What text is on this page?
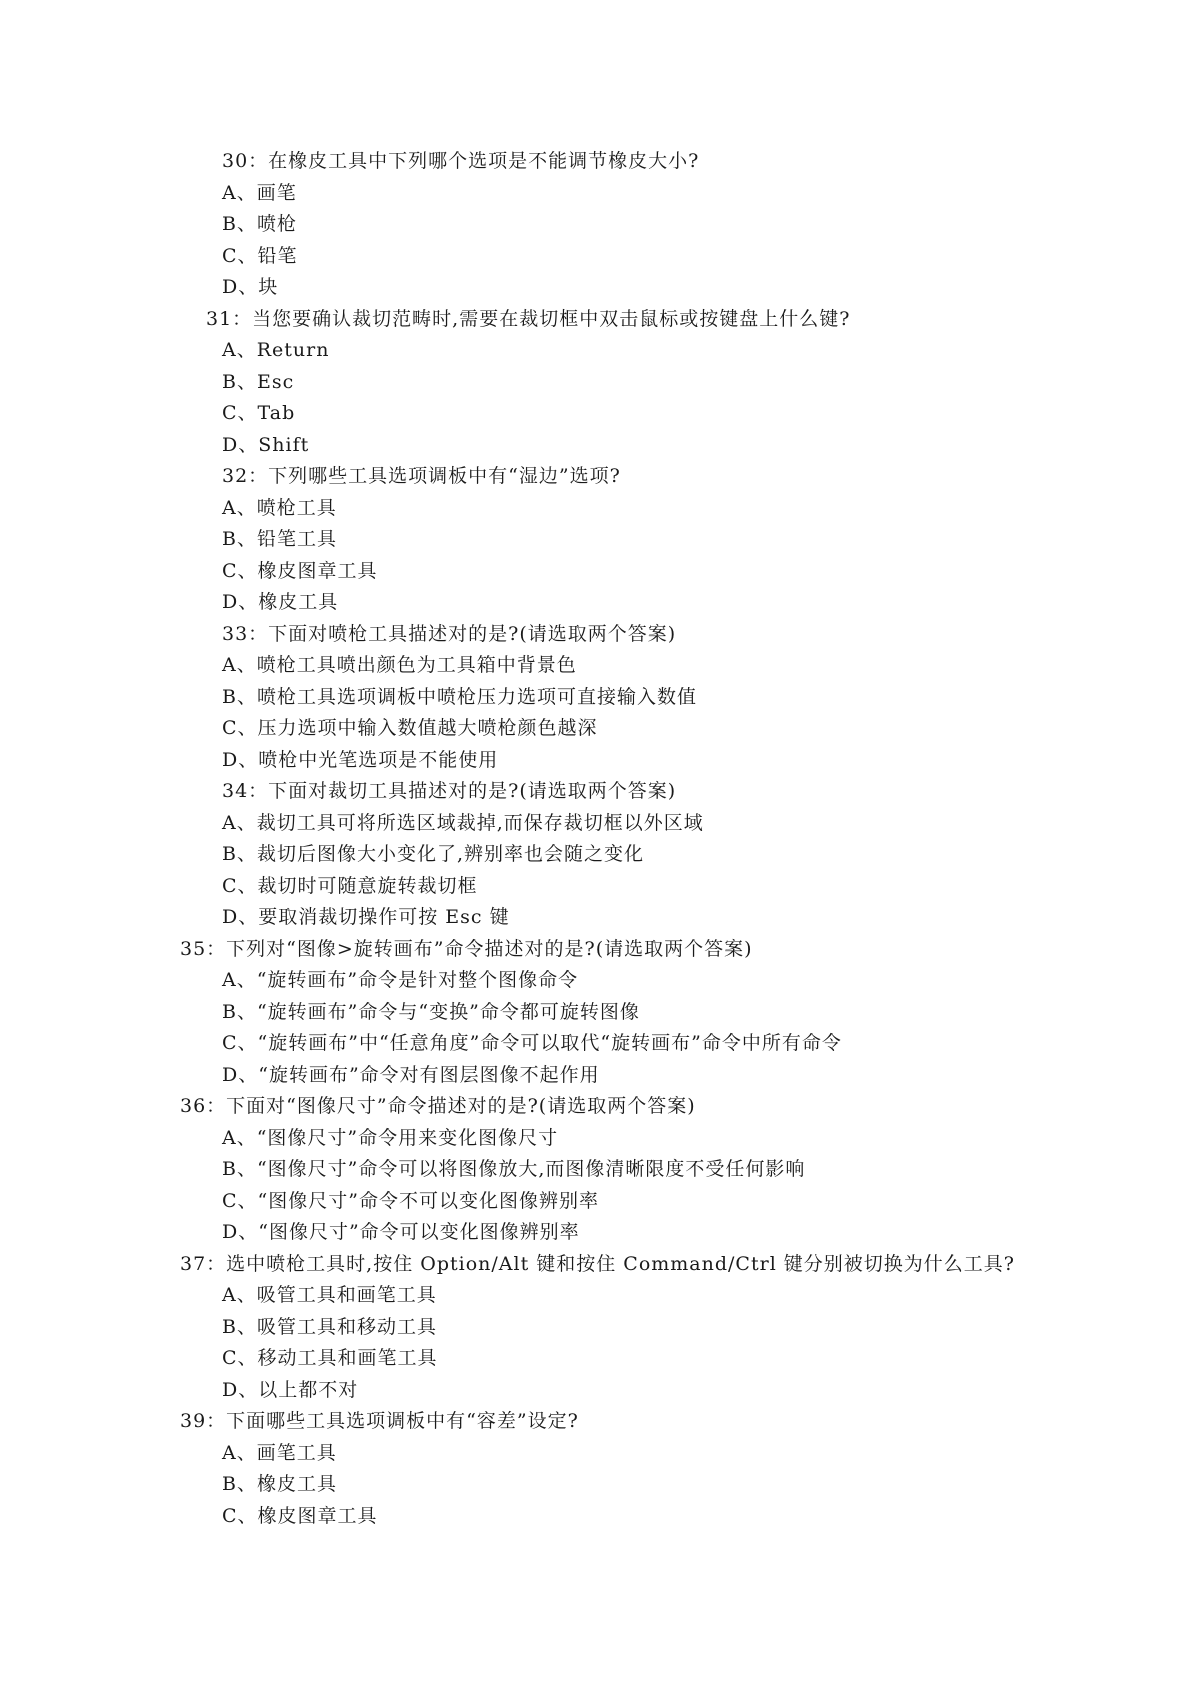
30：在橡皮工具中下列哪个选项是不能调节橡皮大小?
A、画笔
B、喷枪
C、铅笔
D、块
31：当您要确认裁切范畴时,需要在裁切框中双击鼠标或按键盘上什么键?
A、Return
B、Esc
C、Tab
D、Shift
32：下列哪些工具选项调板中有“湿边”选项?
A、喷枪工具
B、铅笔工具
C、橡皮图章工具
D、橡皮工具
33：下面对喷枪工具描述对的是?(请选取两个答案)
A、喷枪工具喷出颜色为工具箱中背景色
B、喷枪工具选项调板中喷枪压力选项可直接输入数值
C、压力选项中输入数值越大喷枪颜色越深
D、喷枪中光笔选项是不能使用
34：下面对裁切工具描述对的是?(请选取两个答案)
A、裁切工具可将所选区域裁掉,而保存裁切框以外区域
B、裁切后图像大小变化了,辨别率也会随之变化
C、裁切时可随意旋转裁切框
D、要取消裁切操作可按 Esc 键
35：下列对“图像>旋转画布”命令描述对的是?(请选取两个答案)
A、“旋转画布”命令是针对整个图像命令
B、“旋转画布”命令与“变换”命令都可旋转图像
C、“旋转画布”中“任意角度”命令可以取代“旋转画布”命令中所有命令
D、“旋转画布”命令对有图层图像不起作用
36：下面对“图像尺寸”命令描述对的是?(请选取两个答案)
A、“图像尺寸”命令用来变化图像尺寸
B、“图像尺寸”命令可以将图像放大,而图像清晰限度不受任何影响
C、“图像尺寸”命令不可以变化图像辨别率
D、“图像尺寸”命令可以变化图像辨别率
37：选中喷枪工具时,按住 Option/Alt 键和按住 Command/Ctrl 键分别被切换为什么工具?
A、吸管工具和画笔工具
B、吸管工具和移动工具
C、移动工具和画笔工具
D、以上都不对
39：下面哪些工具选项调板中有“容差”设定?
A、画笔工具
B、橡皮工具
C、橡皮图章工具
